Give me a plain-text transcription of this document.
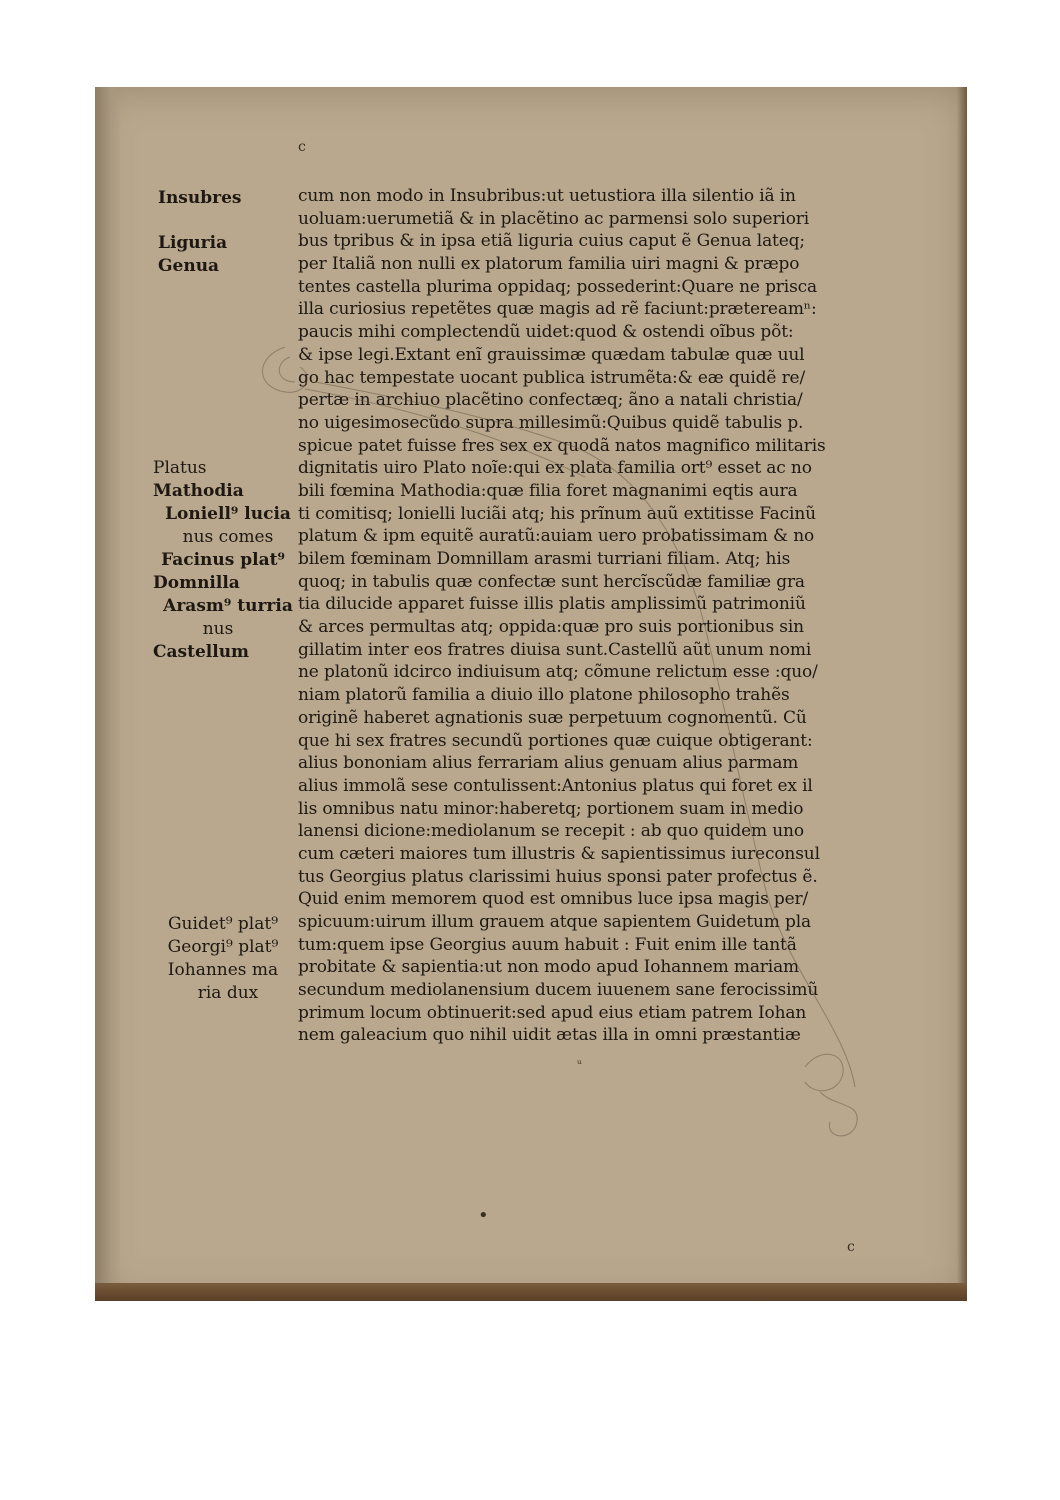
c
c
•
ᵘ
Insubres
Liguria
Genua
Platus
Mathodia
Loniell⁹ lucia
nus comes
Facinus plat⁹
Domnilla
Arasm⁹ turria
nus
Castellum
Guidet⁹ plat⁹
Georgi⁹ plat⁹
Iohannes ma
ria dux
cum non modo in Insubribus:ut uetustiora illa silentio iã in
uoluam:uerumetiã & in placẽtino ac parmensi solo superiori
bus tpribus & in ipsa etiã liguria cuius caput ẽ Genua lateq;
per Italiã non nulli ex platorum familia uiri magni & præpo
tentes castella plurima oppidaq; possederint:Quare ne prisca
illa curiosius repetẽtes quæ magis ad rẽ faciunt:prætereamⁿ:
paucis mihi complectendũ uidet:quod & ostendi oĩbus põt:
& ipse legi.Extant enĩ grauissimæ quædam tabulæ quæ uul
go hac tempestate uocant publica istrumẽta:& eæ quidẽ re/
pertæ in archiuo placẽtino confectæq; ãno a natali christia/
no uigesimosecũdo supra millesimũ:Quibus quidẽ tabulis p.
spicue patet fuisse fres sex ex quodã natos magnifico militaris
dignitatis uiro Plato noĩe:qui ex plata familia ort⁹ esset ac no
bili fœmina Mathodia:quæ filia foret magnanimi eqtis aura
ti comitisq; lonielli luciãi atq; his prĩnum auũ extitisse Facinũ
platum & ipm equitẽ auratũ:auiam uero probatissimam & no
bilem fœminam Domnillam arasmi turriani filiam. Atq; his
quoq; in tabulis quæ confectæ sunt hercĩscũdæ familiæ gra
tia dilucide apparet fuisse illis platis amplissimũ patrimoniũ
& arces permultas atq; oppida:quæ pro suis portionibus sin
gillatim inter eos fratres diuisa sunt.Castellũ aũt unum nomi
ne platonũ idcirco indiuisum atq; cõmune relictum esse :quo/
niam platorũ familia a diuio illo platone philosopho trahẽs
originẽ haberet agnationis suæ perpetuum cognomentũ. Cũ
que hi sex fratres secundũ portiones quæ cuique obtigerant:
alius bononiam alius ferrariam alius genuam alius parmam
alius immolã sese contulissent:Antonius platus qui foret ex il
lis omnibus natu minor:haberetq; portionem suam in medio
lanensi dicione:mediolanum se recepit : ab quo quidem uno
cum cæteri maiores tum illustris & sapientissimus iureconsul
tus Georgius platus clarissimi huius sponsi pater profectus ẽ.
Quid enim memorem quod est omnibus luce ipsa magis per/
spicuum:uirum illum grauem atque sapientem Guidetum pla
tum:quem ipse Georgius auum habuit : Fuit enim ille tantã
probitate & sapientia:ut non modo apud Iohannem mariam
secundum mediolanensium ducem iuuenem sane ferocissimũ
primum locum obtinuerit:sed apud eius etiam patrem Iohan
nem galeacium quo nihil uidit ætas illa in omni præstantiæ
